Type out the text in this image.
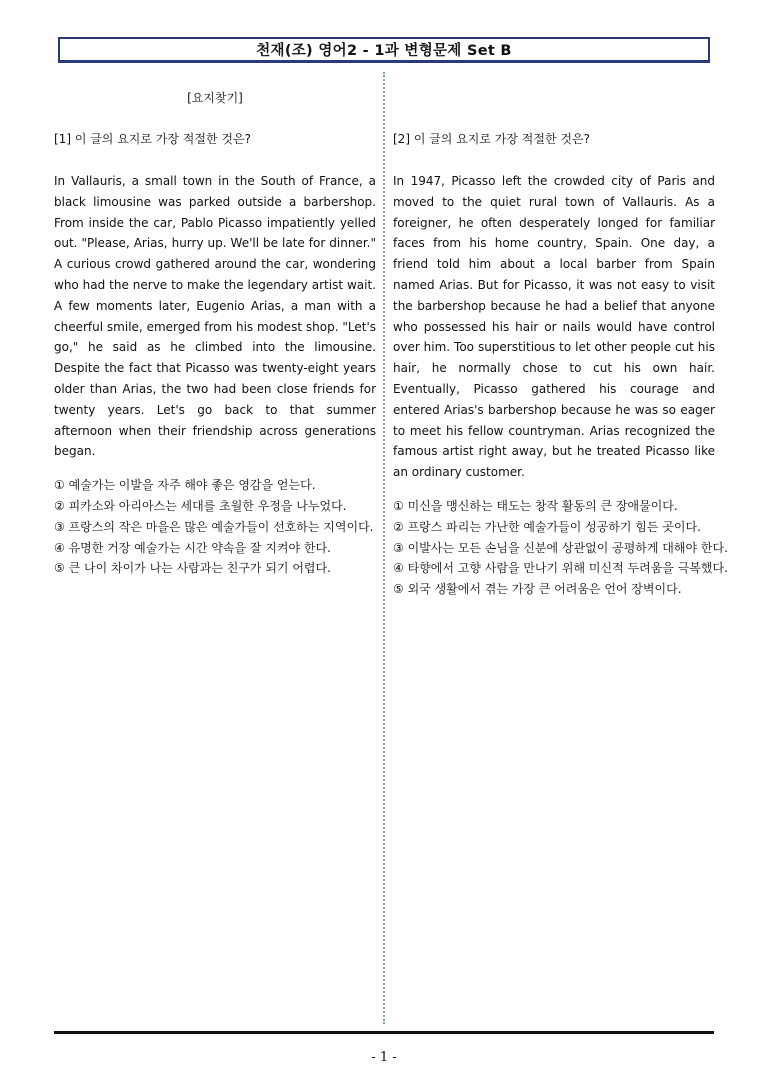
천재(조) 영어2 - 1과 변형문제 Set B
[요지찾기]
[1] 이 글의 요지로 가장 적절한 것은?
In Vallauris, a small town in the South of France, a black limousine was parked outside a barbershop. From inside the car, Pablo Picasso impatiently yelled out. "Please, Arias, hurry up. We'll be late for dinner." A curious crowd gathered around the car, wondering who had the nerve to make the legendary artist wait. A few moments later, Eugenio Arias, a man with a cheerful smile, emerged from his modest shop. "Let's go," he said as he climbed into the limousine. Despite the fact that Picasso was twenty-eight years older than Arias, the two had been close friends for twenty years. Let's go back to that summer afternoon when their friendship across generations began.
① 예술가는 이발을 자주 해야 좋은 영감을 얻는다.
② 피카소와 아리아스는 세대를 초월한 우정을 나누었다.
③ 프랑스의 작은 마을은 많은 예술가들이 선호하는 지역이다.
④ 유명한 거장 예술가는 시간 약속을 잘 지켜야 한다.
⑤ 큰 나이 차이가 나는 사람과는 친구가 되기 어렵다.
[2] 이 글의 요지로 가장 적절한 것은?
In 1947, Picasso left the crowded city of Paris and moved to the quiet rural town of Vallauris. As a foreigner, he often desperately longed for familiar faces from his home country, Spain. One day, a friend told him about a local barber from Spain named Arias. But for Picasso, it was not easy to visit the barbershop because he had a belief that anyone who possessed his hair or nails would have control over him. Too superstitious to let other people cut his hair, he normally chose to cut his own hair. Eventually, Picasso gathered his courage and entered Arias's barbershop because he was so eager to meet his fellow countryman. Arias recognized the famous artist right away, but he treated Picasso like an ordinary customer.
① 미신을 맹신하는 태도는 창작 활동의 큰 장애물이다.
② 프랑스 파리는 가난한 예술가들이 성공하기 힘든 곳이다.
③ 이발사는 모든 손님을 신분에 상관없이 공평하게 대해야 한다.
④ 타향에서 고향 사람을 만나기 위해 미신적 두려움을 극복했다.
⑤ 외국 생활에서 겪는 가장 큰 어려움은 언어 장벽이다.
- 1 -
